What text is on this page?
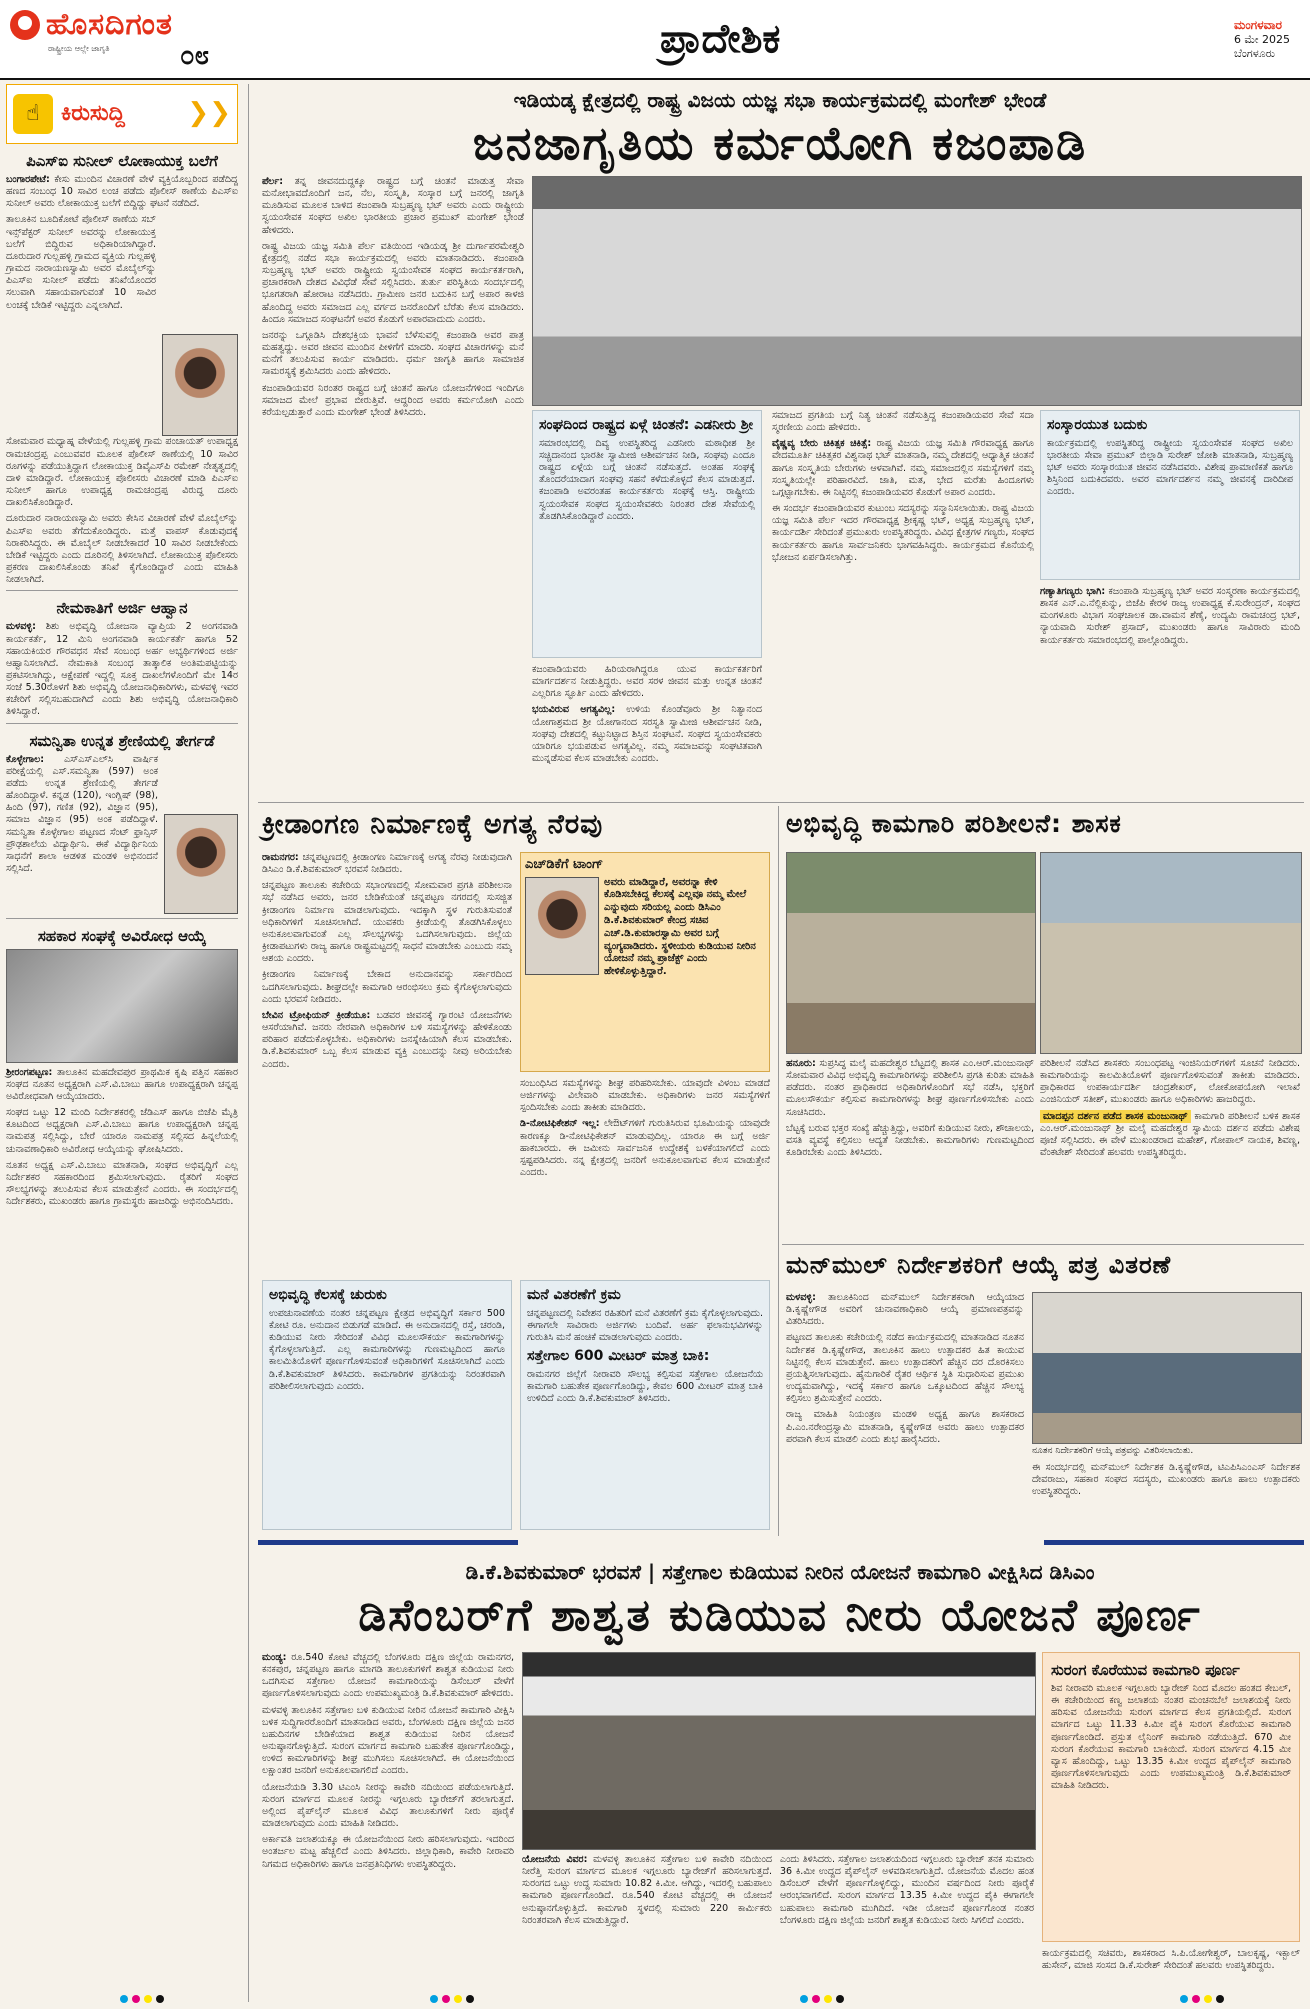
ಹೊಸದಿಗಂತ
ರಾಷ್ಟ್ರೀಯ ಆಲ್ಲೇ ಜಾಗೃತಿ	೦೮	ಪ್ರಾದೇಶಿಕ	ಮಂಗಳವಾರ
6 ಮೇ 2025
ಬೆಂಗಳೂರು
☝ ಕಿರುಸುದ್ದಿ ❯❯
ಪಿಎಸ್‌ಐ ಸುನೀಲ್ ಲೋಕಾಯುಕ್ತ ಬಲೆಗೆ

ಬಂಗಾರಪೇಟೆ: ಕೇಸು ಮುಂದಿನ ವಿಚಾರಣೆ ವೇಳೆ ವ್ಯಕ್ತಿಯೊಬ್ಬರಿಂದ ಪಡೆದಿದ್ದ ಹಣದ ಸಂಬಂಧ 10 ಸಾವಿರ ಲಂಚ ಪಡೆದು ಪೊಲೀಸ್ ಠಾಣೆಯ ಪಿಎಸ್‌ಐ ಸುನೀಲ್ ಅವರು ಲೋಕಾಯುಕ್ತ ಬಲೆಗೆ ಬಿದ್ದಿದ್ದು ಘಟನೆ ನಡೆದಿದೆ.

ತಾಲೂಕಿನ ಬೂದಿಕೋಟೆ ಪೊಲೀಸ್ ಠಾಣೆಯ ಸಬ್ ಇನ್ಸ್‌ಪೆಕ್ಟರ್ ಸುನೀಲ್ ಅವರನ್ನು ಲೋಕಾಯುಕ್ತ ಬಲೆಗೆ ಬಿದ್ದಿರುವ ಅಧಿಕಾರಿಯಾಗಿದ್ದಾರೆ. ದೂರುದಾರ ಗುಲ್ಲಹಳ್ಳಿ ಗ್ರಾಮದ ವ್ಯಕ್ತಿಯ ಗುಲ್ಲಹಳ್ಳಿ ಗ್ರಾಮದ ನಾರಾಯಣಸ್ವಾಮಿ ಅವರ ಮೊಬೈಲ್‌ನ್ನು ಪಿಎಸ್‌ಐ ಸುನೀಲ್ ಪಡೆದು ತನಿಖೆಯೊಂದರ ಸಲುವಾಗಿ ಸಹಾಯವಾಗುವಂತೆ 10 ಸಾವಿರ ಲಂಚಕ್ಕೆ ಬೇಡಿಕೆ ಇಟ್ಟಿದ್ದರು ಎನ್ನಲಾಗಿದೆ.

ಸೋಮವಾರ ಮಧ್ಯಾಹ್ನ ವೇಳೆಯಲ್ಲಿ ಗುಲ್ಲಹಳ್ಳಿ ಗ್ರಾಮ ಪಂಚಾಯತ್ ಉಪಾಧ್ಯಕ್ಷ ರಾಮಚಂದ್ರಪ್ಪ ಎಂಬುವವರ ಮೂಲಕ ಪೊಲೀಸ್ ಠಾಣೆಯಲ್ಲಿ 10 ಸಾವಿರ ರೂಗಳನ್ನು ಪಡೆಯುತ್ತಿದ್ದಾಗ ಲೋಕಾಯುಕ್ತ ಡಿವೈಎಸ್‌ಪಿ ರಮೇಶ್ ನೇತೃತ್ವದಲ್ಲಿ ದಾಳಿ ಮಾಡಿದ್ದಾರೆ. ಲೋಕಾಯುಕ್ತ ಪೊಲೀಸರು ವಿಚಾರಣೆ ಮಾಡಿ ಪಿಎಸ್‌ಐ ಸುನೀಲ್ ಹಾಗೂ ಉಪಾಧ್ಯಕ್ಷ ರಾಮಚಂದ್ರಪ್ಪ ವಿರುದ್ಧ ದೂರು ದಾಖಲಿಸಿಕೊಂಡಿದ್ದಾರೆ.

ದೂರುದಾರ ನಾರಾಯಣಸ್ವಾಮಿ ಅವರು ಕೇಸಿನ ವಿಚಾರಣೆ ವೇಳೆ ಮೊಬೈಲ್‌ನ್ನು ಪಿಎಸ್‌ಐ ಅವರು ತೆಗೆದುಕೊಂಡಿದ್ದರು. ಮತ್ತೆ ವಾಪಸ್ ಕೊಡುವುದಕ್ಕೆ ನಿರಾಕರಿಸಿದ್ದರು. ಈ ಮೊಬೈಲ್ ನೀಡಬೇಕಾದರೆ 10 ಸಾವಿರ ನೀಡಬೇಕೆಂದು ಬೇಡಿಕೆ ಇಟ್ಟಿದ್ದರು ಎಂದು ದೂರಿನಲ್ಲಿ ತಿಳಿಸಲಾಗಿದೆ. ಲೋಕಾಯುಕ್ತ ಪೊಲೀಸರು ಪ್ರಕರಣ ದಾಖಲಿಸಿಕೊಂಡು ತನಿಖೆ ಕೈಗೊಂಡಿದ್ದಾರೆ ಎಂದು ಮಾಹಿತಿ ನೀಡಲಾಗಿದೆ.

ನೇಮಕಾತಿಗೆ ಅರ್ಜಿ ಆಹ್ವಾನ

ಮಳವಳ್ಳಿ: ಶಿಶು ಅಭಿವೃದ್ಧಿ ಯೋಜನಾ ವ್ಯಾಪ್ತಿಯ 2 ಅಂಗನವಾಡಿ ಕಾರ್ಯಕರ್ತೆ, 12 ಮಿನಿ ಅಂಗನವಾಡಿ ಕಾರ್ಯಕರ್ತೆ ಹಾಗೂ 52 ಸಹಾಯಕಿಯರ ಗೌರವಧನ ಸೇವೆ ಸಂಬಂಧ ಅರ್ಹ ಅಭ್ಯರ್ಥಿಗಳಿಂದ ಅರ್ಜಿ ಆಹ್ವಾನಿಸಲಾಗಿದೆ. ನೇಮಕಾತಿ ಸಂಬಂಧ ತಾತ್ಕಾಲಿಕ ಅಂತಿಮಪಟ್ಟಿಯನ್ನು ಪ್ರಕಟಿಸಲಾಗಿದ್ದು, ಆಕ್ಷೇಪಣೆ ಇದ್ದಲ್ಲಿ ಸೂಕ್ತ ದಾಖಲೆಗಳೊಂದಿಗೆ ಮೇ 14ರ ಸಂಜೆ 5.30ರೊಳಗೆ ಶಿಶು ಅಭಿವೃದ್ಧಿ ಯೋಜನಾಧಿಕಾರಿಗಳು, ಮಳವಳ್ಳಿ ಇವರ ಕಚೇರಿಗೆ ಸಲ್ಲಿಸಬಹುದಾಗಿದೆ ಎಂದು ಶಿಶು ಅಭಿವೃದ್ಧಿ ಯೋಜನಾಧಿಕಾರಿ ತಿಳಿಸಿದ್ದಾರೆ.

ಸಮನ್ವಿತಾ ಉನ್ನತ ಶ್ರೇಣಿಯಲ್ಲಿ ತೇರ್ಗಡೆ

ಕೊಳ್ಳೇಗಾಲ: ಎಸ್‌ಎಸ್‌ಎಲ್‌ಸಿ ವಾರ್ಷಿಕ ಪರೀಕ್ಷೆಯಲ್ಲಿ ಎಸ್.ಸಮನ್ವಿತಾ (597) ಅಂಕ ಪಡೆದು ಉನ್ನತ ಶ್ರೇಣಿಯಲ್ಲಿ ತೇರ್ಗಡೆ ಹೊಂದಿದ್ದಾಳೆ. ಕನ್ನಡ (120), ಇಂಗ್ಲಿಷ್ (98), ಹಿಂದಿ (97), ಗಣಿತ (92), ವಿಜ್ಞಾನ (95), ಸಮಾಜ ವಿಜ್ಞಾನ (95) ಅಂಕ ಪಡೆದಿದ್ದಾಳೆ. ಸಮನ್ವಿತಾ ಕೊಳ್ಳೇಗಾಲ ಪಟ್ಟಣದ ಸೆಂಟ್ ಫ್ರಾನ್ಸಿಸ್ ಪ್ರೌಢಶಾಲೆಯ ವಿದ್ಯಾರ್ಥಿನಿ. ಈಕೆ ವಿದ್ಯಾರ್ಥಿನಿಯ ಸಾಧನೆಗೆ ಶಾಲಾ ಆಡಳಿತ ಮಂಡಳಿ ಅಭಿನಂದನೆ ಸಲ್ಲಿಸಿದೆ.

ಸಹಕಾರ ಸಂಘಕ್ಕೆ ಅವಿರೋಧ ಆಯ್ಕೆ

ಶ್ರೀರಂಗಪಟ್ಟಣ: ತಾಲೂಕಿನ ಮಹದೇವಪುರ ಪ್ರಾಥಮಿಕ ಕೃಷಿ ಪತ್ತಿನ ಸಹಕಾರ ಸಂಘದ ನೂತನ ಅಧ್ಯಕ್ಷರಾಗಿ ಎಸ್.ವಿ.ಬಾಬು ಹಾಗೂ ಉಪಾಧ್ಯಕ್ಷರಾಗಿ ಚನ್ನಪ್ಪ ಅವಿರೋಧವಾಗಿ ಆಯ್ಕೆಯಾದರು.

ಸಂಘದ ಒಟ್ಟು 12 ಮಂದಿ ನಿರ್ದೇಶಕರಲ್ಲಿ ಜೆಡಿಎಸ್ ಹಾಗೂ ಬಿಜೆಪಿ ಮೈತ್ರಿ ಕೂಟದಿಂದ ಅಧ್ಯಕ್ಷರಾಗಿ ಎಸ್.ವಿ.ಬಾಬು ಹಾಗೂ ಉಪಾಧ್ಯಕ್ಷರಾಗಿ ಚನ್ನಪ್ಪ ನಾಮಪತ್ರ ಸಲ್ಲಿಸಿದ್ದು, ಬೇರೆ ಯಾರೂ ನಾಮಪತ್ರ ಸಲ್ಲಿಸದ ಹಿನ್ನಲೆಯಲ್ಲಿ ಚುನಾವಣಾಧಿಕಾರಿ ಅವಿರೋಧ ಆಯ್ಕೆಯನ್ನು ಘೋಷಿಸಿದರು.

ನೂತನ ಅಧ್ಯಕ್ಷ ಎಸ್.ವಿ.ಬಾಬು ಮಾತನಾಡಿ, ಸಂಘದ ಅಭಿವೃದ್ಧಿಗೆ ಎಲ್ಲ ನಿರ್ದೇಶಕರ ಸಹಕಾರದಿಂದ ಶ್ರಮಿಸಲಾಗುವುದು. ರೈತರಿಗೆ ಸಂಘದ ಸೌಲಭ್ಯಗಳನ್ನು ತಲುಪಿಸುವ ಕೆಲಸ ಮಾಡುತ್ತೇನೆ ಎಂದರು. ಈ ಸಂದರ್ಭದಲ್ಲಿ ನಿರ್ದೇಶಕರು, ಮುಖಂಡರು ಹಾಗೂ ಗ್ರಾಮಸ್ಥರು ಹಾಜರಿದ್ದು ಅಭಿನಂದಿಸಿದರು.

ಇಡಿಯಡ್ಕ ಕ್ಷೇತ್ರದಲ್ಲಿ ರಾಷ್ಟ್ರ ವಿಜಯ ಯಜ್ಞ ಸಭಾ ಕಾರ್ಯಕ್ರಮದಲ್ಲಿ ಮಂಗೇಶ್ ಭೇಂಡೆ
ಜನಜಾಗೃತಿಯ ಕರ್ಮಯೋಗಿ ಕಜಂಪಾಡಿ

ಪೆರ್ಲ: ತನ್ನ ಜೀವನದುದ್ದಕ್ಕೂ ರಾಷ್ಟ್ರದ ಬಗ್ಗೆ ಚಿಂತನೆ ಮಾಡುತ್ತ ಸೇವಾ ಮನೋಭಾವದೊಂದಿಗೆ ಜನ, ನೆಲ, ಸಂಸ್ಕೃತಿ, ಸಂಸ್ಕಾರ ಬಗ್ಗೆ ಜನರಲ್ಲಿ ಜಾಗೃತಿ ಮೂಡಿಸುವ ಮೂಲಕ ಬಾಳಿದ ಕಜಂಪಾಡಿ ಸುಬ್ರಹ್ಮಣ್ಯ ಭಟ್ ಅವರು ಎಂದು ರಾಷ್ಟ್ರೀಯ ಸ್ವಯಂಸೇವಕ ಸಂಘದ ಅಖಿಲ ಭಾರತೀಯ ಪ್ರಚಾರ ಪ್ರಮುಖ್ ಮಂಗೇಶ್ ಭೇಂಡೆ ಹೇಳಿದರು.

ರಾಷ್ಟ್ರ ವಿಜಯ ಯಜ್ಞ ಸಮಿತಿ ಪೆರ್ಲ ವತಿಯಿಂದ ಇಡಿಯಡ್ಕ ಶ್ರೀ ದುರ್ಗಾಪರಮೇಶ್ವರಿ ಕ್ಷೇತ್ರದಲ್ಲಿ ನಡೆದ ಸಭಾ ಕಾರ್ಯಕ್ರಮದಲ್ಲಿ ಅವರು ಮಾತನಾಡಿದರು. ಕಜಂಪಾಡಿ ಸುಬ್ರಹ್ಮಣ್ಯ ಭಟ್ ಅವರು ರಾಷ್ಟ್ರೀಯ ಸ್ವಯಂಸೇವಕ ಸಂಘದ ಕಾರ್ಯಕರ್ತರಾಗಿ, ಪ್ರಚಾರಕರಾಗಿ ದೇಶದ ವಿವಿಧೆಡೆ ಸೇವೆ ಸಲ್ಲಿಸಿದರು. ತುರ್ತು ಪರಿಸ್ಥಿತಿಯ ಸಂದರ್ಭದಲ್ಲಿ ಭೂಗತರಾಗಿ ಹೋರಾಟ ನಡೆಸಿದರು. ಗ್ರಾಮೀಣ ಜನರ ಬದುಕಿನ ಬಗ್ಗೆ ಅಪಾರ ಕಾಳಜಿ ಹೊಂದಿದ್ದ ಅವರು ಸಮಾಜದ ಎಲ್ಲ ವರ್ಗದ ಜನರೊಂದಿಗೆ ಬೆರೆತು ಕೆಲಸ ಮಾಡಿದರು. ಹಿಂದೂ ಸಮಾಜದ ಸಂಘಟನೆಗೆ ಅವರ ಕೊಡುಗೆ ಅಪಾರವಾದುದು ಎಂದರು.

ಜನರನ್ನು ಒಗ್ಗೂಡಿಸಿ ದೇಶಭಕ್ತಿಯ ಭಾವನೆ ಬೆಳೆಸುವಲ್ಲಿ ಕಜಂಪಾಡಿ ಅವರ ಪಾತ್ರ ಮಹತ್ವದ್ದು. ಅವರ ಜೀವನ ಮುಂದಿನ ಪೀಳಿಗೆಗೆ ಮಾದರಿ. ಸಂಘದ ವಿಚಾರಗಳನ್ನು ಮನೆ ಮನೆಗೆ ತಲುಪಿಸುವ ಕಾರ್ಯ ಮಾಡಿದರು. ಧರ್ಮ ಜಾಗೃತಿ ಹಾಗೂ ಸಾಮಾಜಿಕ ಸಾಮರಸ್ಯಕ್ಕೆ ಶ್ರಮಿಸಿದರು ಎಂದು ಹೇಳಿದರು.

ಕಜಂಪಾಡಿಯವರ ನಿರಂತರ ರಾಷ್ಟ್ರದ ಬಗ್ಗೆ ಚಿಂತನೆ ಹಾಗೂ ಯೋಜನೆಗಳಿಂದ ಇಂದಿಗೂ ಸಮಾಜದ ಮೇಲೆ ಪ್ರಭಾವ ಬೀರುತ್ತಿವೆ. ಆದ್ದರಿಂದ ಅವರು ಕರ್ಮಯೋಗಿ ಎಂದು ಕರೆಯಲ್ಪಡುತ್ತಾರೆ ಎಂದು ಮಂಗೇಶ್ ಭೇಂಡೆ ತಿಳಿಸಿದರು.

ಸಂಘದಿಂದ ರಾಷ್ಟ್ರದ ಏಳ್ಗೆ ಚಿಂತನೆ: ಎಡನೀರು ಶ್ರೀ

ಸಮಾರಂಭದಲ್ಲಿ ದಿವ್ಯ ಉಪಸ್ಥಿತರಿದ್ದ ಎಡನೀರು ಮಠಾಧೀಶ ಶ್ರೀ ಸಚ್ಚಿದಾನಂದ ಭಾರತೀ ಸ್ವಾಮೀಜಿ ಆಶೀರ್ವಚನ ನೀಡಿ, ಸಂಘವು ಎಂದೂ ರಾಷ್ಟ್ರದ ಏಳ್ಗೆಯ ಬಗ್ಗೆ ಚಿಂತನೆ ನಡೆಸುತ್ತದೆ. ಅಂತಹ ಸಂಘಕ್ಕೆ ತೊಂದರೆಯಾದಾಗ ಸಂಘವು ಸಹನೆ ಕಳೆದುಕೊಳ್ಳದೆ ಕೆಲಸ ಮಾಡುತ್ತದೆ. ಕಜಂಪಾಡಿ ಅವರಂತಹ ಕಾರ್ಯಕರ್ತರು ಸಂಘಕ್ಕೆ ಆಸ್ತಿ. ರಾಷ್ಟ್ರೀಯ ಸ್ವಯಂಸೇವಕ ಸಂಘದ ಸ್ವಯಂಸೇವಕರು ನಿರಂತರ ದೇಶ ಸೇವೆಯಲ್ಲಿ ತೊಡಗಿಸಿಕೊಂಡಿದ್ದಾರೆ ಎಂದರು.

ಕಜಂಪಾಡಿಯವರು ಹಿರಿಯರಾಗಿದ್ದರೂ ಯುವ ಕಾರ್ಯಕರ್ತರಿಗೆ ಮಾರ್ಗದರ್ಶನ ನೀಡುತ್ತಿದ್ದರು. ಅವರ ಸರಳ ಜೀವನ ಮತ್ತು ಉನ್ನತ ಚಿಂತನೆ ಎಲ್ಲರಿಗೂ ಸ್ಫೂರ್ತಿ ಎಂದು ಹೇಳಿದರು.

ಭಯವಿರುವ ಅಗತ್ಯವಿಲ್ಲ: ಉಳಿಯ ಕೊಂಡೆವೂರು ಶ್ರೀ ನಿತ್ಯಾನಂದ ಯೋಗಾಶ್ರಮದ ಶ್ರೀ ಯೋಗಾನಂದ ಸರಸ್ವತಿ ಸ್ವಾಮೀಜಿ ಆಶೀರ್ವಚನ ನೀಡಿ, ಸಂಘವು ದೇಶದಲ್ಲಿ ಕಟ್ಟುನಿಟ್ಟಾದ ಶಿಸ್ತಿನ ಸಂಘಟನೆ. ಸಂಘದ ಸ್ವಯಂಸೇವಕರು ಯಾರಿಗೂ ಭಯಪಡುವ ಅಗತ್ಯವಿಲ್ಲ. ನಮ್ಮ ಸಮಾಜವನ್ನು ಸಂಘಟಿತವಾಗಿ ಮುನ್ನಡೆಸುವ ಕೆಲಸ ಮಾಡಬೇಕು ಎಂದರು.

ಸಮಾಜದ ಪ್ರಗತಿಯ ಬಗ್ಗೆ ನಿತ್ಯ ಚಿಂತನೆ ನಡೆಸುತ್ತಿದ್ದ ಕಜಂಪಾಡಿಯವರ ಸೇವೆ ಸದಾ ಸ್ಮರಣೀಯ ಎಂದು ಹೇಳಿದರು.

ವೈಷ್ಣವ್ಯ ಬೇರು ಚಿಕಿತ್ಸಕ ಚಿಕಿತ್ಸೆ: ರಾಷ್ಟ್ರ ವಿಜಯ ಯಜ್ಞ ಸಮಿತಿ ಗೌರವಾಧ್ಯಕ್ಷ ಹಾಗೂ ವೇದಮೂರ್ತಿ ಚಿಕಿತ್ಸಕರ ವಿಶ್ವನಾಥ ಭಟ್ ಮಾತನಾಡಿ, ನಮ್ಮ ದೇಶದಲ್ಲಿ ಆಧ್ಯಾತ್ಮಿಕ ಚಿಂತನೆ ಹಾಗೂ ಸಂಸ್ಕೃತಿಯ ಬೇರುಗಳು ಆಳವಾಗಿವೆ. ನಮ್ಮ ಸಮಾಜದಲ್ಲಿನ ಸಮಸ್ಯೆಗಳಿಗೆ ನಮ್ಮ ಸಂಸ್ಕೃತಿಯಲ್ಲೇ ಪರಿಹಾರವಿದೆ. ಜಾತಿ, ಮತ, ಭೇದ ಮರೆತು ಹಿಂದೂಗಳು ಒಗ್ಗಟ್ಟಾಗಬೇಕು. ಈ ನಿಟ್ಟಿನಲ್ಲಿ ಕಜಂಪಾಡಿಯವರ ಕೊಡುಗೆ ಅಪಾರ ಎಂದರು.

ಈ ಸಂದರ್ಭ ಕಜಂಪಾಡಿಯವರ ಕುಟುಂಬ ಸದಸ್ಯರನ್ನು ಸನ್ಮಾನಿಸಲಾಯಿತು. ರಾಷ್ಟ್ರ ವಿಜಯ ಯಜ್ಞ ಸಮಿತಿ ಪೆರ್ಲ ಇದರ ಗೌರವಾಧ್ಯಕ್ಷ ಶ್ರೀಕೃಷ್ಣ ಭಟ್, ಅಧ್ಯಕ್ಷ ಸುಬ್ರಹ್ಮಣ್ಯ ಭಟ್, ಕಾರ್ಯದರ್ಶಿ ಸೇರಿದಂತೆ ಪ್ರಮುಖರು ಉಪಸ್ಥಿತರಿದ್ದರು. ವಿವಿಧ ಕ್ಷೇತ್ರಗಳ ಗಣ್ಯರು, ಸಂಘದ ಕಾರ್ಯಕರ್ತರು ಹಾಗೂ ಸಾರ್ವಜನಿಕರು ಭಾಗವಹಿಸಿದ್ದರು. ಕಾರ್ಯಕ್ರಮದ ಕೊನೆಯಲ್ಲಿ ಭೋಜನ ಏರ್ಪಡಿಸಲಾಗಿತ್ತು.

ಸಂಸ್ಕಾರಯುತ ಬದುಕು

ಕಾರ್ಯಕ್ರಮದಲ್ಲಿ ಉಪಸ್ಥಿತರಿದ್ದ ರಾಷ್ಟ್ರೀಯ ಸ್ವಯಂಸೇವಕ ಸಂಘದ ಅಖಿಲ ಭಾರತೀಯ ಸೇವಾ ಪ್ರಮುಖ್ ಬಿಲ್ಲಾಡಿ ಸುರೇಶ್ ಜೋಶಿ ಮಾತನಾಡಿ, ಸುಬ್ರಹ್ಮಣ್ಯ ಭಟ್ ಅವರು ಸಂಸ್ಕಾರಯುತ ಜೀವನ ನಡೆಸಿದವರು. ವಿಶೇಷ ಪ್ರಾಮಾಣಿಕತೆ ಹಾಗೂ ಶಿಸ್ತಿನಿಂದ ಬದುಕಿದವರು. ಅವರ ಮಾರ್ಗದರ್ಶನ ನಮ್ಮ ಜೀವನಕ್ಕೆ ದಾರಿದೀಪ ಎಂದರು.

ಗಣ್ಯಾತಿಗಣ್ಯರು ಭಾಗಿ: ಕಜಂಪಾಡಿ ಸುಬ್ರಹ್ಮಣ್ಯ ಭಟ್ ಅವರ ಸಂಸ್ಮರಣಾ ಕಾರ್ಯಕ್ರಮದಲ್ಲಿ ಶಾಸಕ ಎನ್.ಎ.ನೆಲ್ಲಿಕುನ್ನು, ಬಿಜೆಪಿ ಕೇರಳ ರಾಜ್ಯ ಉಪಾಧ್ಯಕ್ಷ ಕೆ.ಸುರೇಂದ್ರನ್, ಸಂಘದ ಮಂಗಳೂರು ವಿಭಾಗ ಸಂಘಚಾಲಕ ಡಾ.ವಾಮನ ಶೆಣೈ, ಉದ್ಯಮಿ ರಾಮಚಂದ್ರ ಭಟ್, ನ್ಯಾಯವಾದಿ ಸುರೇಶ್ ಪ್ರಸಾದ್, ಮುಖಂಡರು ಹಾಗೂ ಸಾವಿರಾರು ಮಂದಿ ಕಾರ್ಯಕರ್ತರು ಸಮಾರಂಭದಲ್ಲಿ ಪಾಲ್ಗೊಂಡಿದ್ದರು.

ಕ್ರೀಡಾಂಗಣ ನಿರ್ಮಾಣಕ್ಕೆ ಅಗತ್ಯ ನೆರವು

ರಾಮನಗರ: ಚನ್ನಪಟ್ಟಣದಲ್ಲಿ ಕ್ರೀಡಾಂಗಣ ನಿರ್ಮಾಣಕ್ಕೆ ಅಗತ್ಯ ನೆರವು ನೀಡುವುದಾಗಿ ಡಿಸಿಎಂ ಡಿ.ಕೆ.ಶಿವಕುಮಾರ್ ಭರವಸೆ ನೀಡಿದರು.

ಚನ್ನಪಟ್ಟಣ ತಾಲೂಕು ಕಚೇರಿಯ ಸಭಾಂಗಣದಲ್ಲಿ ಸೋಮವಾರ ಪ್ರಗತಿ ಪರಿಶೀಲನಾ ಸಭೆ ನಡೆಸಿದ ಅವರು, ಜನರ ಬೇಡಿಕೆಯಂತೆ ಚನ್ನಪಟ್ಟಣ ನಗರದಲ್ಲಿ ಸುಸಜ್ಜಿತ ಕ್ರೀಡಾಂಗಣ ನಿರ್ಮಾಣ ಮಾಡಲಾಗುವುದು. ಇದಕ್ಕಾಗಿ ಸ್ಥಳ ಗುರುತಿಸುವಂತೆ ಅಧಿಕಾರಿಗಳಿಗೆ ಸೂಚಿಸಲಾಗಿದೆ. ಯುವಕರು ಕ್ರೀಡೆಯಲ್ಲಿ ತೊಡಗಿಸಿಕೊಳ್ಳಲು ಅನುಕೂಲವಾಗುವಂತೆ ಎಲ್ಲ ಸೌಲಭ್ಯಗಳನ್ನು ಒದಗಿಸಲಾಗುವುದು. ಜಿಲ್ಲೆಯ ಕ್ರೀಡಾಪಟುಗಳು ರಾಜ್ಯ ಹಾಗೂ ರಾಷ್ಟ್ರಮಟ್ಟದಲ್ಲಿ ಸಾಧನೆ ಮಾಡಬೇಕು ಎಂಬುದು ನಮ್ಮ ಆಶಯ ಎಂದರು.

ಕ್ರೀಡಾಂಗಣ ನಿರ್ಮಾಣಕ್ಕೆ ಬೇಕಾದ ಅನುದಾನವನ್ನು ಸರ್ಕಾರದಿಂದ ಒದಗಿಸಲಾಗುವುದು. ಶೀಘ್ರದಲ್ಲೇ ಕಾಮಗಾರಿ ಆರಂಭಿಸಲು ಕ್ರಮ ಕೈಗೊಳ್ಳಲಾಗುವುದು ಎಂದು ಭರವಸೆ ನೀಡಿದರು.

ಬೇವಿನ ಟ್ರೋಫಿಯನ್ ಕ್ರೀಡೆಯೂ: ಬಡವರ ಜೀವನಕ್ಕೆ ಗ್ಯಾರಂಟಿ ಯೋಜನೆಗಳು ಆಸರೆಯಾಗಿವೆ. ಜನರು ನೇರವಾಗಿ ಅಧಿಕಾರಿಗಳ ಬಳಿ ಸಮಸ್ಯೆಗಳನ್ನು ಹೇಳಿಕೊಂಡು ಪರಿಹಾರ ಪಡೆದುಕೊಳ್ಳಬೇಕು. ಅಧಿಕಾರಿಗಳು ಜನಸ್ನೇಹಿಯಾಗಿ ಕೆಲಸ ಮಾಡಬೇಕು. ಡಿ.ಕೆ.ಶಿವಕುಮಾರ್ ಒಬ್ಬ ಕೆಲಸ ಮಾಡುವ ವ್ಯಕ್ತಿ ಎಂಬುದನ್ನು ನೀವು ಅರಿಯಬೇಕು ಎಂದರು.

ಎಚ್‌ಡಿಕೆಗೆ ಟಾಂಗ್
ಅವರು ಮಾಡಿದ್ದಾರೆ, ಅವರನ್ನಾ ಕೇಳಿ ಕೊಡಿಸಬೇಕಿದ್ದ ಕೆಲಸಕ್ಕೆ ಎಲ್ಲವೂ ನಮ್ಮ ಮೇಲೆ ಎನ್ನುವುದು ಸರಿಯಲ್ಲ ಎಂದು ಡಿಸಿಎಂ ಡಿ.ಕೆ.ಶಿವಕುಮಾರ್ ಕೇಂದ್ರ ಸಚಿವ ಎಚ್.ಡಿ.ಕುಮಾರಸ್ವಾಮಿ ಅವರ ಬಗ್ಗೆ ವ್ಯಂಗ್ಯವಾಡಿದರು. ಸ್ಥಳೀಯರು ಕುಡಿಯುವ ನೀರಿನ ಯೋಜನೆ ನಮ್ಮ ಪ್ರಾಜೆಕ್ಟ್ ಎಂದು ಹೇಳಿಕೊಳ್ಳುತ್ತಿದ್ದಾರೆ.

ಸಂಬಂಧಿಸಿದ ಸಮಸ್ಯೆಗಳನ್ನು ಶೀಘ್ರ ಪರಿಹರಿಸಬೇಕು. ಯಾವುದೇ ವಿಳಂಬ ಮಾಡದೆ ಅರ್ಜಿಗಳನ್ನು ವಿಲೇವಾರಿ ಮಾಡಬೇಕು. ಅಧಿಕಾರಿಗಳು ಜನರ ಸಮಸ್ಯೆಗಳಿಗೆ ಸ್ಪಂದಿಸಬೇಕು ಎಂದು ತಾಕೀತು ಮಾಡಿದರು.

ಡಿ-ನೋಟಿಫಿಕೇಶನ್ ಇಲ್ಲ: ಲೇಔಟ್‌ಗಳಿಗೆ ಗುರುತಿಸಿರುವ ಭೂಮಿಯನ್ನು ಯಾವುದೇ ಕಾರಣಕ್ಕೂ ಡಿ-ನೋಟಿಫಿಕೇಶನ್ ಮಾಡುವುದಿಲ್ಲ. ಯಾರೂ ಈ ಬಗ್ಗೆ ಅರ್ಜಿ ಹಾಕಬಾರದು. ಈ ಜಮೀನು ಸಾರ್ವಜನಿಕ ಉದ್ದೇಶಕ್ಕೆ ಬಳಕೆಯಾಗಲಿದೆ ಎಂದು ಸ್ಪಷ್ಟಪಡಿಸಿದರು. ನನ್ನ ಕ್ಷೇತ್ರದಲ್ಲಿ ಜನರಿಗೆ ಅನುಕೂಲವಾಗುವ ಕೆಲಸ ಮಾಡುತ್ತೇನೆ ಎಂದರು.

ಅಭಿವೃದ್ಧಿ ಕೆಲಸಕ್ಕೆ ಚುರುಕು

ಉಪಚುನಾವಣೆಯ ನಂತರ ಚನ್ನಪಟ್ಟಣ ಕ್ಷೇತ್ರದ ಅಭಿವೃದ್ಧಿಗೆ ಸರ್ಕಾರ 500 ಕೋಟಿ ರೂ. ಅನುದಾನ ಬಿಡುಗಡೆ ಮಾಡಿದೆ. ಈ ಅನುದಾನದಲ್ಲಿ ರಸ್ತೆ, ಚರಂಡಿ, ಕುಡಿಯುವ ನೀರು ಸೇರಿದಂತೆ ವಿವಿಧ ಮೂಲಸೌಕರ್ಯ ಕಾಮಗಾರಿಗಳನ್ನು ಕೈಗೊಳ್ಳಲಾಗುತ್ತಿದೆ. ಎಲ್ಲ ಕಾಮಗಾರಿಗಳನ್ನು ಗುಣಮಟ್ಟದಿಂದ ಹಾಗೂ ಕಾಲಮಿತಿಯೊಳಗೆ ಪೂರ್ಣಗೊಳಿಸುವಂತೆ ಅಧಿಕಾರಿಗಳಿಗೆ ಸೂಚಿಸಲಾಗಿದೆ ಎಂದು ಡಿ.ಕೆ.ಶಿವಕುಮಾರ್ ತಿಳಿಸಿದರು. ಕಾಮಗಾರಿಗಳ ಪ್ರಗತಿಯನ್ನು ನಿರಂತರವಾಗಿ ಪರಿಶೀಲಿಸಲಾಗುವುದು ಎಂದರು.

ಮನೆ ವಿತರಣೆಗೆ ಕ್ರಮ

ಚನ್ನಪಟ್ಟಣದಲ್ಲಿ ನಿವೇಶನ ರಹಿತರಿಗೆ ಮನೆ ವಿತರಣೆಗೆ ಕ್ರಮ ಕೈಗೊಳ್ಳಲಾಗುವುದು. ಈಗಾಗಲೇ ಸಾವಿರಾರು ಅರ್ಜಿಗಳು ಬಂದಿವೆ. ಅರ್ಹ ಫಲಾನುಭವಿಗಳನ್ನು ಗುರುತಿಸಿ ಮನೆ ಹಂಚಿಕೆ ಮಾಡಲಾಗುವುದು ಎಂದರು.

ಸತ್ತೇಗಾಲ 600 ಮೀಟರ್ ಮಾತ್ರ ಬಾಕಿ:

ರಾಮನಗರ ಜಿಲ್ಲೆಗೆ ನೀರಾವರಿ ಸೌಲಭ್ಯ ಕಲ್ಪಿಸುವ ಸತ್ತೇಗಾಲ ಯೋಜನೆಯ ಕಾಮಗಾರಿ ಬಹುತೇಕ ಪೂರ್ಣಗೊಂಡಿದ್ದು, ಕೇವಲ 600 ಮೀಟರ್ ಮಾತ್ರ ಬಾಕಿ ಉಳಿದಿದೆ ಎಂದು ಡಿ.ಕೆ.ಶಿವಕುಮಾರ್ ತಿಳಿಸಿದರು.

ಅಭಿವೃದ್ಧಿ ಕಾಮಗಾರಿ ಪರಿಶೀಲನೆ: ಶಾಸಕ

ಹನೂರು: ಸುಪ್ರಸಿದ್ಧ ಮಲೈ ಮಹದೇಶ್ವರ ಬೆಟ್ಟದಲ್ಲಿ ಶಾಸಕ ಎಂ.ಆರ್.ಮಂಜುನಾಥ್ ಸೋಮವಾರ ವಿವಿಧ ಅಭಿವೃದ್ಧಿ ಕಾಮಗಾರಿಗಳನ್ನು ಪರಿಶೀಲಿಸಿ ಪ್ರಗತಿ ಕುರಿತು ಮಾಹಿತಿ ಪಡೆದರು. ನಂತರ ಪ್ರಾಧಿಕಾರದ ಅಧಿಕಾರಿಗಳೊಂದಿಗೆ ಸಭೆ ನಡೆಸಿ, ಭಕ್ತರಿಗೆ ಮೂಲಸೌಕರ್ಯ ಕಲ್ಪಿಸುವ ಕಾಮಗಾರಿಗಳನ್ನು ಶೀಘ್ರ ಪೂರ್ಣಗೊಳಿಸಬೇಕು ಎಂದು ಸೂಚಿಸಿದರು.

ಬೆಟ್ಟಕ್ಕೆ ಬರುವ ಭಕ್ತರ ಸಂಖ್ಯೆ ಹೆಚ್ಚುತ್ತಿದ್ದು, ಅವರಿಗೆ ಕುಡಿಯುವ ನೀರು, ಶೌಚಾಲಯ, ವಸತಿ ವ್ಯವಸ್ಥೆ ಕಲ್ಪಿಸಲು ಆದ್ಯತೆ ನೀಡಬೇಕು. ಕಾಮಗಾರಿಗಳು ಗುಣಮಟ್ಟದಿಂದ ಕೂಡಿರಬೇಕು ಎಂದು ತಿಳಿಸಿದರು.

ಪರಿಶೀಲನೆ ನಡೆಸಿದ ಶಾಸಕರು ಸಂಬಂಧಪಟ್ಟ ಇಂಜಿನಿಯರ್‌ಗಳಿಗೆ ಸೂಚನೆ ನೀಡಿದರು. ಕಾಮಗಾರಿಯನ್ನು ಕಾಲಮಿತಿಯೊಳಗೆ ಪೂರ್ಣಗೊಳಿಸುವಂತೆ ತಾಕೀತು ಮಾಡಿದರು. ಪ್ರಾಧಿಕಾರದ ಉಪಕಾರ್ಯದರ್ಶಿ ಚಂದ್ರಶೇಖರ್, ಲೋಕೋಪಯೋಗಿ ಇಲಾಖೆ ಎಂಜಿನಿಯರ್ ಸತೀಶ್, ಮುಖಂಡರು ಹಾಗೂ ಅಧಿಕಾರಿಗಳು ಹಾಜರಿದ್ದರು.

ಮಾದಪ್ಪನ ದರ್ಶನ ಪಡೆದ ಶಾಸಕ ಮಂಜುನಾಥ್ ಕಾಮಗಾರಿ ಪರಿಶೀಲನೆ ಬಳಿಕ ಶಾಸಕ ಎಂ.ಆರ್.ಮಂಜುನಾಥ್ ಶ್ರೀ ಮಲೈ ಮಹದೇಶ್ವರ ಸ್ವಾಮಿಯ ದರ್ಶನ ಪಡೆದು ವಿಶೇಷ ಪೂಜೆ ಸಲ್ಲಿಸಿದರು. ಈ ವೇಳೆ ಮುಖಂಡರಾದ ಮಹೇಶ್, ಗೋಪಾಲ್ ನಾಯಕ, ಶಿವಣ್ಣ, ವೆಂಕಟೇಶ್ ಸೇರಿದಂತೆ ಹಲವರು ಉಪಸ್ಥಿತರಿದ್ದರು.

ಮನ್‌ಮುಲ್ ನಿರ್ದೇಶಕರಿಗೆ ಆಯ್ಕೆ ಪತ್ರ ವಿತರಣೆ

ಮಳವಳ್ಳಿ: ತಾಲೂಕಿನಿಂದ ಮನ್‌ಮುಲ್ ನಿರ್ದೇಶಕರಾಗಿ ಆಯ್ಕೆಯಾದ ಡಿ.ಕೃಷ್ಣೇಗೌಡ ಅವರಿಗೆ ಚುನಾವಣಾಧಿಕಾರಿ ಆಯ್ಕೆ ಪ್ರಮಾಣಪತ್ರವನ್ನು ವಿತರಿಸಿದರು.

ಪಟ್ಟಣದ ತಾಲೂಕು ಕಚೇರಿಯಲ್ಲಿ ನಡೆದ ಕಾರ್ಯಕ್ರಮದಲ್ಲಿ ಮಾತನಾಡಿದ ನೂತನ ನಿರ್ದೇಶಕ ಡಿ.ಕೃಷ್ಣೇಗೌಡ, ತಾಲೂಕಿನ ಹಾಲು ಉತ್ಪಾದಕರ ಹಿತ ಕಾಯುವ ನಿಟ್ಟಿನಲ್ಲಿ ಕೆಲಸ ಮಾಡುತ್ತೇನೆ. ಹಾಲು ಉತ್ಪಾದಕರಿಗೆ ಹೆಚ್ಚಿನ ದರ ದೊರಕಿಸಲು ಪ್ರಯತ್ನಿಸಲಾಗುವುದು. ಹೈನುಗಾರಿಕೆ ರೈತರ ಆರ್ಥಿಕ ಸ್ಥಿತಿ ಸುಧಾರಿಸುವ ಪ್ರಮುಖ ಉದ್ಯಮವಾಗಿದ್ದು, ಇದಕ್ಕೆ ಸರ್ಕಾರ ಹಾಗೂ ಒಕ್ಕೂಟದಿಂದ ಹೆಚ್ಚಿನ ಸೌಲಭ್ಯ ಕಲ್ಪಿಸಲು ಶ್ರಮಿಸುತ್ತೇನೆ ಎಂದರು.

ರಾಜ್ಯ ಮಾಹಿತಿ ನಿಯಂತ್ರಣ ಮಂಡಳಿ ಅಧ್ಯಕ್ಷ ಹಾಗೂ ಶಾಸಕರಾದ ಪಿ.ಎಂ.ನರೇಂದ್ರಸ್ವಾಮಿ ಮಾತನಾಡಿ, ಕೃಷ್ಣೇಗೌಡ ಅವರು ಹಾಲು ಉತ್ಪಾದಕರ ಪರವಾಗಿ ಕೆಲಸ ಮಾಡಲಿ ಎಂದು ಶುಭ ಹಾರೈಸಿದರು.

ನೂತನ ನಿರ್ದೇಶಕರಿಗೆ ಆಯ್ಕೆ ಪತ್ರವನ್ನು ವಿತರಿಸಲಾಯಿತು.

ಈ ಸಂದರ್ಭದಲ್ಲಿ ಮನ್‌ಮುಲ್ ನಿರ್ದೇಶಕ ಡಿ.ಕೃಷ್ಣೇಗೌಡ, ಟಿಎಪಿಸಿಎಂಎಸ್ ನಿರ್ದೇಶಕ ದೇವರಾಜು, ಸಹಕಾರ ಸಂಘದ ಸದಸ್ಯರು, ಮುಖಂಡರು ಹಾಗೂ ಹಾಲು ಉತ್ಪಾದಕರು ಉಪಸ್ಥಿತರಿದ್ದರು.

ಡಿ.ಕೆ.ಶಿವಕುಮಾರ್ ಭರವಸೆ | ಸತ್ತೇಗಾಲ ಕುಡಿಯುವ ನೀರಿನ ಯೋಜನೆ ಕಾಮಗಾರಿ ವೀಕ್ಷಿಸಿದ ಡಿಸಿಎಂ
ಡಿಸೆಂಬರ್‌ಗೆ ಶಾಶ್ವತ ಕುಡಿಯುವ ನೀರು ಯೋಜನೆ ಪೂರ್ಣ

ಮಂಡ್ಯ: ರೂ.540 ಕೋಟಿ ವೆಚ್ಚದಲ್ಲಿ ಬೆಂಗಳೂರು ದಕ್ಷಿಣ ಜಿಲ್ಲೆಯ ರಾಮನಗರ, ಕನಕಪುರ, ಚನ್ನಪಟ್ಟಣ ಹಾಗೂ ಮಾಗಡಿ ತಾಲೂಕುಗಳಿಗೆ ಶಾಶ್ವತ ಕುಡಿಯುವ ನೀರು ಒದಗಿಸುವ ಸತ್ತೇಗಾಲ ಯೋಜನೆ ಕಾಮಗಾರಿಯನ್ನು ಡಿಸೆಂಬರ್ ವೇಳೆಗೆ ಪೂರ್ಣಗೊಳಿಸಲಾಗುವುದು ಎಂದು ಉಪಮುಖ್ಯಮಂತ್ರಿ ಡಿ.ಕೆ.ಶಿವಕುಮಾರ್ ಹೇಳಿದರು.

ಮಳವಳ್ಳಿ ತಾಲೂಕಿನ ಸತ್ತೇಗಾಲ ಬಳಿ ಕುಡಿಯುವ ನೀರಿನ ಯೋಜನೆ ಕಾಮಗಾರಿ ವೀಕ್ಷಿಸಿ ಬಳಿಕ ಸುದ್ದಿಗಾರರೊಂದಿಗೆ ಮಾತನಾಡಿದ ಅವರು, ಬೆಂಗಳೂರು ದಕ್ಷಿಣ ಜಿಲ್ಲೆಯ ಜನರ ಬಹುದಿನಗಳ ಬೇಡಿಕೆಯಾದ ಶಾಶ್ವತ ಕುಡಿಯುವ ನೀರಿನ ಯೋಜನೆ ಅನುಷ್ಠಾನಗೊಳ್ಳುತ್ತಿದೆ. ಸುರಂಗ ಮಾರ್ಗದ ಕಾಮಗಾರಿ ಬಹುತೇಕ ಪೂರ್ಣಗೊಂಡಿದ್ದು, ಉಳಿದ ಕಾಮಗಾರಿಗಳನ್ನು ಶೀಘ್ರ ಮುಗಿಸಲು ಸೂಚಿಸಲಾಗಿದೆ. ಈ ಯೋಜನೆಯಿಂದ ಲಕ್ಷಾಂತರ ಜನರಿಗೆ ಅನುಕೂಲವಾಗಲಿದೆ ಎಂದರು.

ಯೋಜನೆಯಡಿ 3.30 ಟಿಎಂಸಿ ನೀರನ್ನು ಕಾವೇರಿ ನದಿಯಿಂದ ಪಡೆಯಲಾಗುತ್ತಿದೆ. ಸುರಂಗ ಮಾರ್ಗದ ಮೂಲಕ ನೀರನ್ನು ಇಗ್ಗಲೂರು ಬ್ಯಾರೇಜ್‌ಗೆ ತರಲಾಗುತ್ತದೆ. ಅಲ್ಲಿಂದ ಪೈಪ್‌ಲೈನ್ ಮೂಲಕ ವಿವಿಧ ತಾಲೂಕುಗಳಿಗೆ ನೀರು ಪೂರೈಕೆ ಮಾಡಲಾಗುವುದು ಎಂದು ಮಾಹಿತಿ ನೀಡಿದರು.

ಅರ್ಕಾವತಿ ಜಲಾಶಯಕ್ಕೂ ಈ ಯೋಜನೆಯಿಂದ ನೀರು ಹರಿಸಲಾಗುವುದು. ಇದರಿಂದ ಅಂತರ್ಜಲ ಮಟ್ಟ ಹೆಚ್ಚಲಿದೆ ಎಂದು ತಿಳಿಸಿದರು. ಜಿಲ್ಲಾಧಿಕಾರಿ, ಕಾವೇರಿ ನೀರಾವರಿ ನಿಗಮದ ಅಧಿಕಾರಿಗಳು ಹಾಗೂ ಜನಪ್ರತಿನಿಧಿಗಳು ಉಪಸ್ಥಿತರಿದ್ದರು.	ಯೋಜನೆಯ ವಿವರ: ಮಳವಳ್ಳಿ ತಾಲೂಕಿನ ಸತ್ತೇಗಾಲ ಬಳಿ ಕಾವೇರಿ ನದಿಯಿಂದ ನೀರೆತ್ತಿ ಸುರಂಗ ಮಾರ್ಗದ ಮೂಲಕ ಇಗ್ಗಲೂರು ಬ್ಯಾರೇಜ್‌ಗೆ ಹರಿಸಲಾಗುತ್ತದೆ. ಸುರಂಗದ ಒಟ್ಟು ಉದ್ದ ಸುಮಾರು 10.82 ಕಿ.ಮೀ. ಆಗಿದ್ದು, ಇದರಲ್ಲಿ ಬಹುಪಾಲು ಕಾಮಗಾರಿ ಪೂರ್ಣಗೊಂಡಿದೆ. ರೂ.540 ಕೋಟಿ ವೆಚ್ಚದಲ್ಲಿ ಈ ಯೋಜನೆ ಅನುಷ್ಠಾನಗೊಳ್ಳುತ್ತಿದೆ. ಕಾಮಗಾರಿ ಸ್ಥಳದಲ್ಲಿ ಸುಮಾರು 220 ಕಾರ್ಮಿಕರು ನಿರಂತರವಾಗಿ ಕೆಲಸ ಮಾಡುತ್ತಿದ್ದಾರೆ.

ಎಂದು ತಿಳಿಸಿದರು. ಸತ್ತೇಗಾಲ ಜಲಾಶಯದಿಂದ ಇಗ್ಗಲೂರು ಬ್ಯಾರೇಜ್ ತನಕ ಸುಮಾರು 36 ಕಿ.ಮೀ ಉದ್ದದ ಪೈಪ್‌ಲೈನ್ ಅಳವಡಿಸಲಾಗುತ್ತಿದೆ. ಯೋಜನೆಯ ಮೊದಲ ಹಂತ ಡಿಸೆಂಬರ್ ವೇಳೆಗೆ ಪೂರ್ಣಗೊಳ್ಳಲಿದ್ದು, ಮುಂದಿನ ವರ್ಷದಿಂದ ನೀರು ಪೂರೈಕೆ ಆರಂಭವಾಗಲಿದೆ. ಸುರಂಗ ಮಾರ್ಗದ 13.35 ಕಿ.ಮೀ ಉದ್ದದ ಪೈಕಿ ಈಗಾಗಲೇ ಬಹುಪಾಲು ಕಾಮಗಾರಿ ಮುಗಿದಿದೆ. ಇಡೀ ಯೋಜನೆ ಪೂರ್ಣಗೊಂಡ ನಂತರ ಬೆಂಗಳೂರು ದಕ್ಷಿಣ ಜಿಲ್ಲೆಯ ಜನರಿಗೆ ಶಾಶ್ವತ ಕುಡಿಯುವ ನೀರು ಸಿಗಲಿದೆ ಎಂದರು.

ಸುರಂಗ ಕೊರೆಯುವ ಕಾಮಗಾರಿ ಪೂರ್ಣ

ಶಿವ ನೀರಾವರಿ ಮೂಲಕ ಇಗ್ಗಲೂರು ಬ್ಯಾರೇಜ್‌ ನಿಂದ ಮೊದಲ ಹಂತದ ಕೇಬಲ್, ಈ ಕಚೇರಿಯಿಂದ ಕಣ್ವ ಜಲಾಶಯ ನಂತರ ಮಂಚನಬೆಲೆ ಜಲಾಶಯಕ್ಕೆ ನೀರು ಹರಿಸುವ ಯೋಜನೆಯ ಸುರಂಗ ಮಾರ್ಗದ ಕೆಲಸ ಪ್ರಗತಿಯಲ್ಲಿದೆ. ಸುರಂಗ ಮಾರ್ಗದ ಒಟ್ಟು 11.33 ಕಿ.ಮೀ ಪೈಕಿ ಸುರಂಗ ಕೊರೆಯುವ ಕಾಮಗಾರಿ ಪೂರ್ಣಗೊಂಡಿದೆ. ಪ್ರಸ್ತುತ ಲೈನಿಂಗ್ ಕಾಮಗಾರಿ ನಡೆಯುತ್ತಿದೆ. 670 ಮೀ ಸುರಂಗ ಕೊರೆಯುವ ಕಾಮಗಾರಿ ಬಾಕಿಯಿದೆ. ಸುರಂಗ ಮಾರ್ಗದ 4.15 ಮೀ ವ್ಯಾಸ ಹೊಂದಿದ್ದು, ಒಟ್ಟು 13.35 ಕಿ.ಮೀ ಉದ್ದದ ಪೈಪ್‌ಲೈನ್ ಕಾಮಗಾರಿ ಪೂರ್ಣಗೊಳಿಸಲಾಗುವುದು ಎಂದು ಉಪಮುಖ್ಯಮಂತ್ರಿ ಡಿ.ಕೆ.ಶಿವಕುಮಾರ್ ಮಾಹಿತಿ ನೀಡಿದರು.

ಕಾರ್ಯಕ್ರಮದಲ್ಲಿ ಸಚಿವರು, ಶಾಸಕರಾದ ಸಿ.ಪಿ.ಯೋಗೇಶ್ವರ್, ಬಾಲಕೃಷ್ಣ, ಇಕ್ಬಾಲ್ ಹುಸೇನ್, ಮಾಜಿ ಸಂಸದ ಡಿ.ಕೆ.ಸುರೇಶ್ ಸೇರಿದಂತೆ ಹಲವರು ಉಪಸ್ಥಿತರಿದ್ದರು.
